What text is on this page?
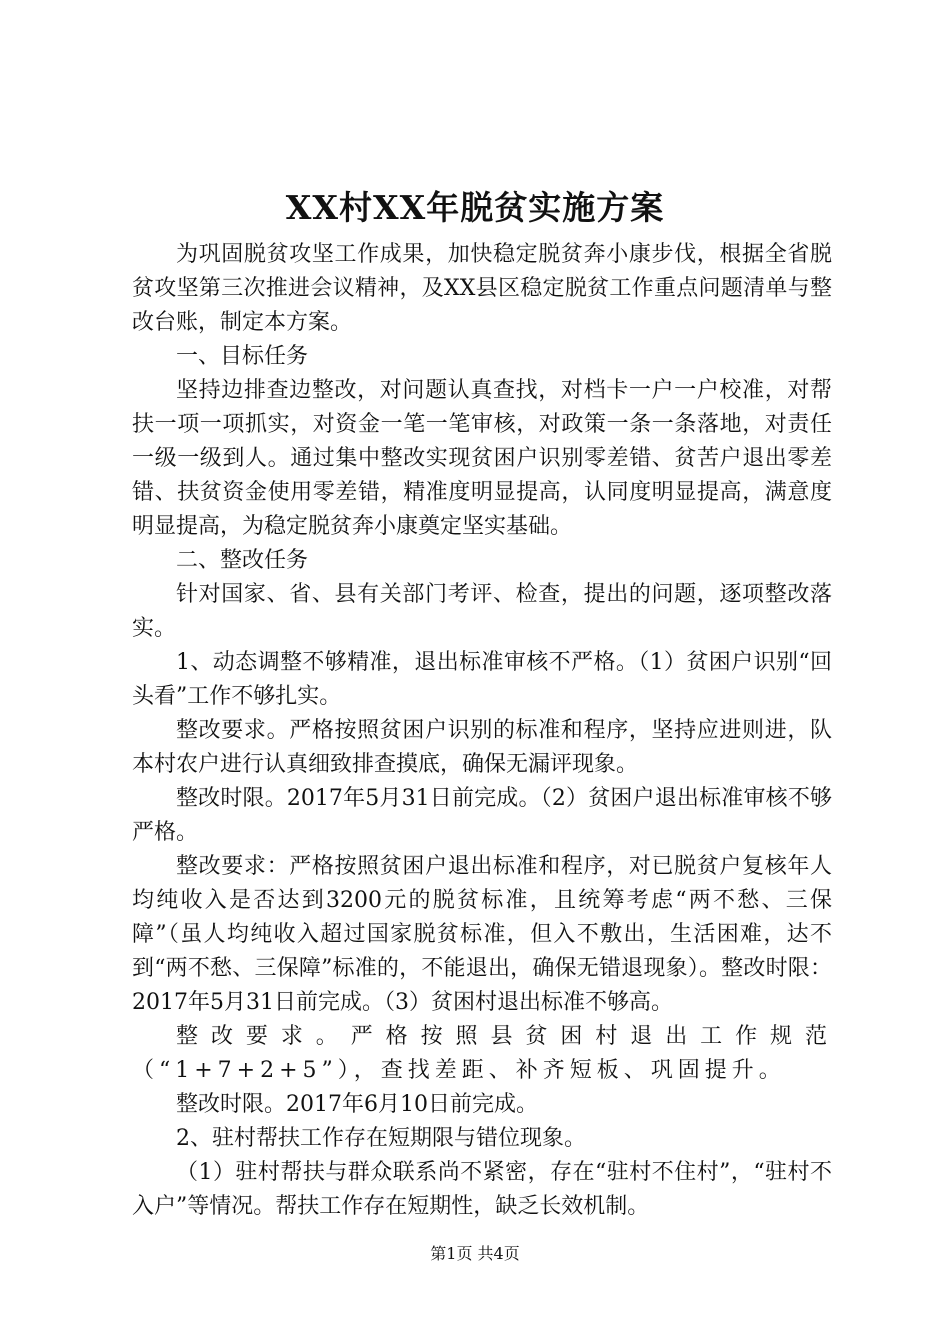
XX村XX年脱贫实施方案

为巩固脱贫攻坚工作成果，加快稳定脱贫奔小康步伐，根据全省脱贫攻坚第三次推进会议精神，及XX县区稳定脱贫工作重点问题清单与整改台账，制定本方案。

一、目标任务

坚持边排查边整改，对问题认真查找，对档卡一户一户校准，对帮扶一项一项抓实，对资金一笔一笔审核，对政策一条一条落地，对责任一级一级到人。通过集中整改实现贫困户识别零差错、贫苦户退出零差错、扶贫资金使用零差错，精准度明显提高，认同度明显提高，满意度明显提高，为稳定脱贫奔小康奠定坚实基础。

二、整改任务

针对国家、省、县有关部门考评、检查，提出的问题，逐项整改落实。

1、动态调整不够精准，退出标准审核不严格。（1）贫困户识别“回头看”工作不够扎实。

整改要求。严格按照贫困户识别的标准和程序，坚持应进则进，队本村农户进行认真细致排查摸底，确保无漏评现象。

整改时限。2017年5月31日前完成。（2）贫困户退出标准审核不够严格。

整改要求：严格按照贫困户退出标准和程序，对已脱贫户复核年人均纯收入是否达到3200元的脱贫标准，且统筹考虑“两不愁、三保障”（虽人均纯收入超过国家脱贫标准，但入不敷出，生活困难，达不到“两不愁、三保障”标准的，不能退出，确保无错退现象）。整改时限：2017年5月31日前完成。（3）贫困村退出标准不够高。

整改要求。严格按照县贫困村退出工作规范（“1+7+2+5”），查找差距、补齐短板、巩固提升。

整改时限。2017年6月10日前完成。

2、驻村帮扶工作存在短期限与错位现象。

（1）驻村帮扶与群众联系尚不紧密，存在“驻村不住村”，“驻村不入户”等情况。帮扶工作存在短期性，缺乏长效机制。

第1页 共4页
